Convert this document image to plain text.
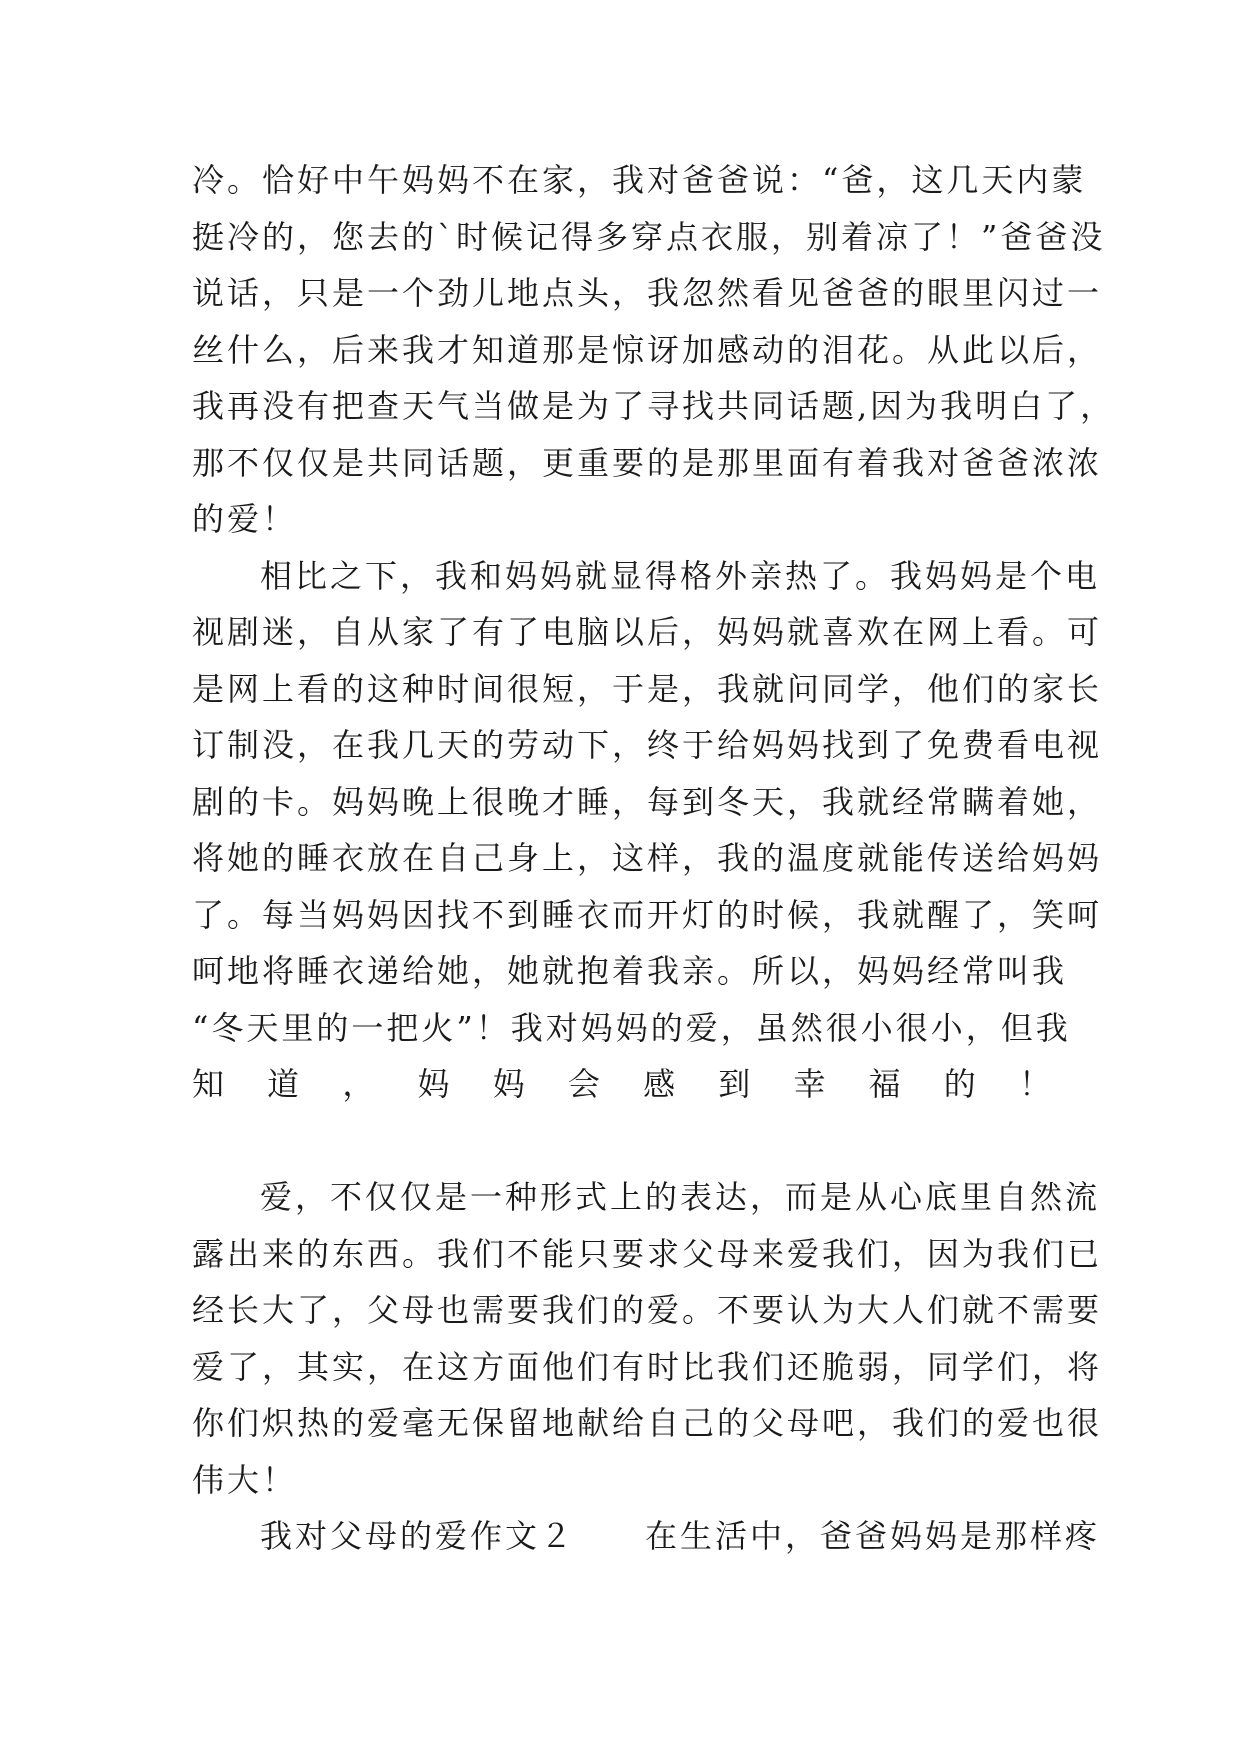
冷。恰好中午妈妈不在家，我对爸爸说：“爸，这几天内蒙
挺冷的，您去的`时候记得多穿点衣服，别着凉了！”爸爸没
说话，只是一个劲儿地点头，我忽然看见爸爸的眼里闪过一
丝什么，后来我才知道那是惊讶加感动的泪花。从此以后，
我再没有把查天气当做是为了寻找共同话题,因为我明白了，
那不仅仅是共同话题，更重要的是那里面有着我对爸爸浓浓
的爱！
相比之下，我和妈妈就显得格外亲热了。我妈妈是个电
视剧迷，自从家了有了电脑以后，妈妈就喜欢在网上看。可
是网上看的这种时间很短，于是，我就问同学，他们的家长
订制没，在我几天的劳动下，终于给妈妈找到了免费看电视
剧的卡。妈妈晚上很晚才睡，每到冬天，我就经常瞒着她，
将她的睡衣放在自己身上，这样，我的温度就能传送给妈妈
了。每当妈妈因找不到睡衣而开灯的时候，我就醒了，笑呵
呵地将睡衣递给她，她就抱着我亲。所以，妈妈经常叫我
“冬天里的一把火”！我对妈妈的爱，虽然很小很小，但我
知道，妈妈会感到幸福的！
爱，不仅仅是一种形式上的表达，而是从心底里自然流
露出来的东西。我们不能只要求父母来爱我们，因为我们已
经长大了，父母也需要我们的爱。不要认为大人们就不需要
爱了，其实，在这方面他们有时比我们还脆弱，同学们，将
你们炽热的爱毫无保留地献给自己的父母吧，我们的爱也很
伟大！
我对父母的爱作文２　　在生活中，爸爸妈妈是那样疼
